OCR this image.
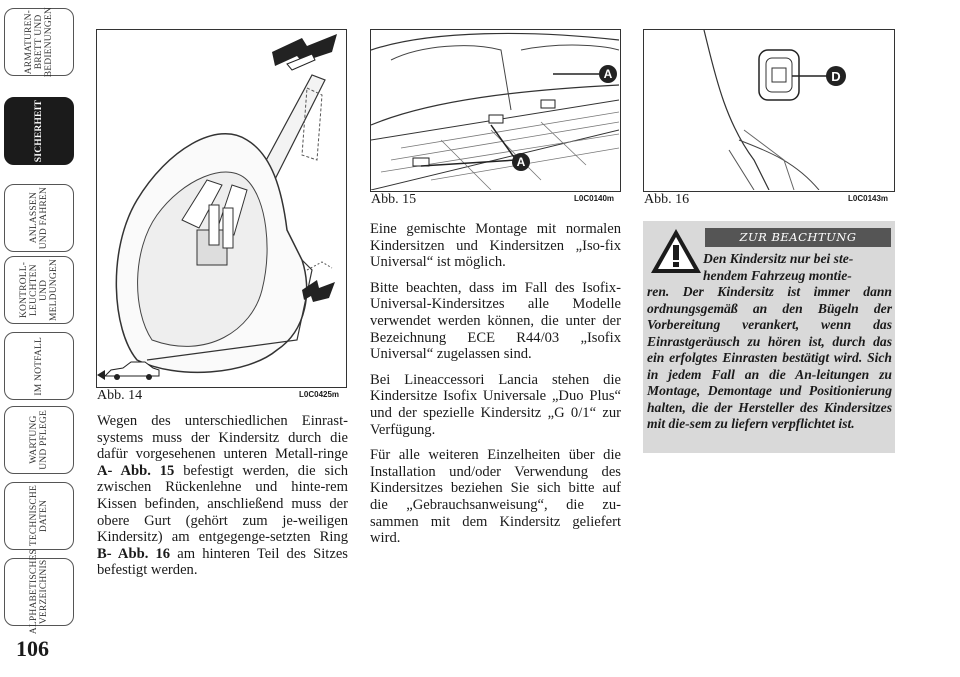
ARMATUREN-
BRETT UND
BEDIENUNGEN
SICHERHEIT
ANLASSEN
UND FAHREN
KONTROLL-
LEUCHTEN UND
MELDUNGEN
IM NOTFALL
WARTUNG
UND PFLEGE
TECHNISCHE
DATEN
ALPHABETISCHES
VERZEICHNIS
106
Abb. 14	L0C0425m
A
A
Abb. 15	L0C0140m
D
Abb. 16	L0C0143m

Wegen des unterschiedlichen Einrast-systems muss der Kindersitz durch die dafür vorgesehenen unteren Metall-ringe A- Abb. 15 befestigt werden, die sich zwischen Rückenlehne und hinte-rem Kissen befinden, anschließend muss der obere Gurt (gehört zum je-weiligen Kindersitz) am entgegenge-setzten Ring B- Abb. 16 am hinteren Teil des Sitzes befestigt werden.

Eine gemischte Montage mit normalen Kindersitzen und Kindersitzen „Iso-fix Universal“ ist möglich.

Bitte beachten, dass im Fall des Isofix-Universal-Kindersitzes alle Modelle verwendet werden können, die unter der Bezeichnung ECE R44/03 „Isofix Universal“ zugelassen sind.

Bei Lineaccessori Lancia stehen die Kindersitze Isofix Universale „Duo Plus“ und der spezielle Kindersitz „G 0/1“ zur Verfügung.

Für alle weiteren Einzelheiten über die Installation und/oder Verwendung des Kindersitzes beziehen Sie sich bitte auf die „Gebrauchsanweisung“, die zu-sammen mit dem Kindersitz geliefert wird.

ZUR BEACHTUNG
Den Kindersitz nur bei ste-
hendem Fahrzeug montie-
ren. Der Kindersitz ist immer dann ordnungsgemäß an den Bügeln der Vorbereitung verankert, wenn das Einrastgeräusch zu hören ist, durch das ein erfolgtes Einrasten bestätigt wird. Sich in jedem Fall an die An-leitungen zu Montage, Demontage und Positionierung halten, die der Hersteller des Kindersitzes mit die-sem zu liefern verpflichtet ist.
